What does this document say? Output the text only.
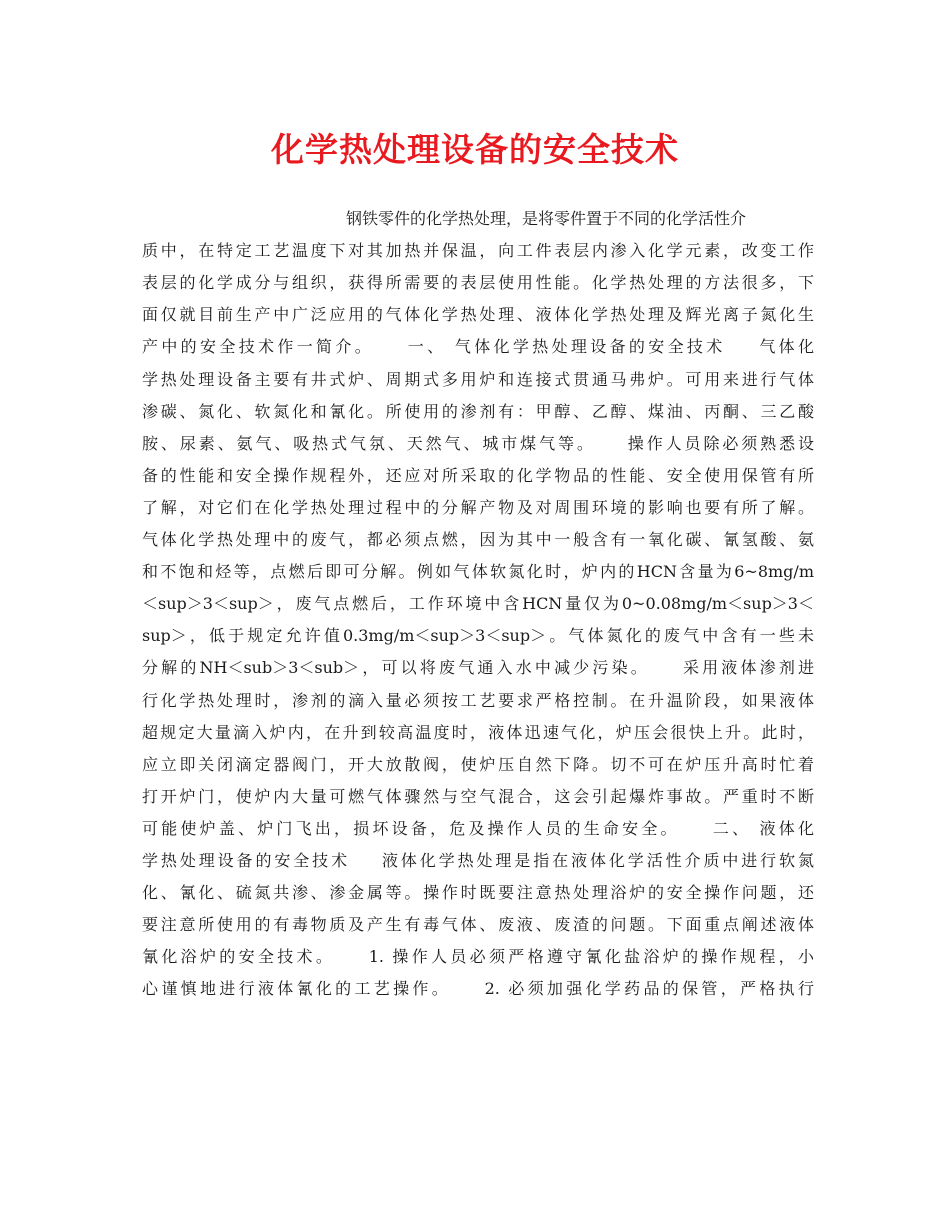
化学热处理设备的安全技术
钢铁零件的化学热处理，是将零件置于不同的化学活性介
质中，在特定工艺温度下对其加热并保温，向工件表层内渗入化学元素，改变工作
表层的化学成分与组织，获得所需要的表层使用性能。化学热处理的方法很多，下
面仅就目前生产中广泛应用的气体化学热处理、液体化学热处理及辉光离子氮化生
产中的安全技术作一简介。    一、 气体化学热处理设备的安全技术    气体化
学热处理设备主要有井式炉、周期式多用炉和连接式贯通马弗炉。可用来进行气体
渗碳、氮化、软氮化和氰化。所使用的渗剂有：甲醇、乙醇、煤油、丙酮、三乙酸
胺、尿素、氨气、吸热式气氛、天然气、城市煤气等。    操作人员除必须熟悉设
备的性能和安全操作规程外，还应对所采取的化学物品的性能、安全使用保管有所
了解，对它们在化学热处理过程中的分解产物及对周围环境的影响也要有所了解。
气体化学热处理中的废气，都必须点燃，因为其中一般含有一氧化碳、氰氢酸、氨
和不饱和烃等，点燃后即可分解。例如气体软氮化时，炉内的HCN含量为6~8mg/m
＜sup＞3＜sup＞，废气点燃后，工作环境中含HCN量仅为0~0.08mg/m＜sup＞3＜
sup＞，低于规定允许值0.3mg/m＜sup＞3＜sup＞。气体氮化的废气中含有一些未
分解的NH＜sub＞3＜sub＞，可以将废气通入水中减少污染。    采用液体渗剂进
行化学热处理时，渗剂的滴入量必须按工艺要求严格控制。在升温阶段，如果液体
超规定大量滴入炉内，在升到较高温度时，液体迅速气化，炉压会很快上升。此时，
应立即关闭滴定器阀门，开大放散阀，使炉压自然下降。切不可在炉压升高时忙着
打开炉门，使炉内大量可燃气体骤然与空气混合，这会引起爆炸事故。严重时不断
可能使炉盖、炉门飞出，损坏设备，危及操作人员的生命安全。    二、 液体化
学热处理设备的安全技术    液体化学热处理是指在液体化学活性介质中进行软氮
化、氰化、硫氮共渗、渗金属等。操作时既要注意热处理浴炉的安全操作问题，还
要注意所使用的有毒物质及产生有毒气体、废液、废渣的问题。下面重点阐述液体
氰化浴炉的安全技术。    1. 操作人员必须严格遵守氰化盐浴炉的操作规程，小
心谨慎地进行液体氰化的工艺操作。    2. 必须加强化学药品的保管，严格执行
